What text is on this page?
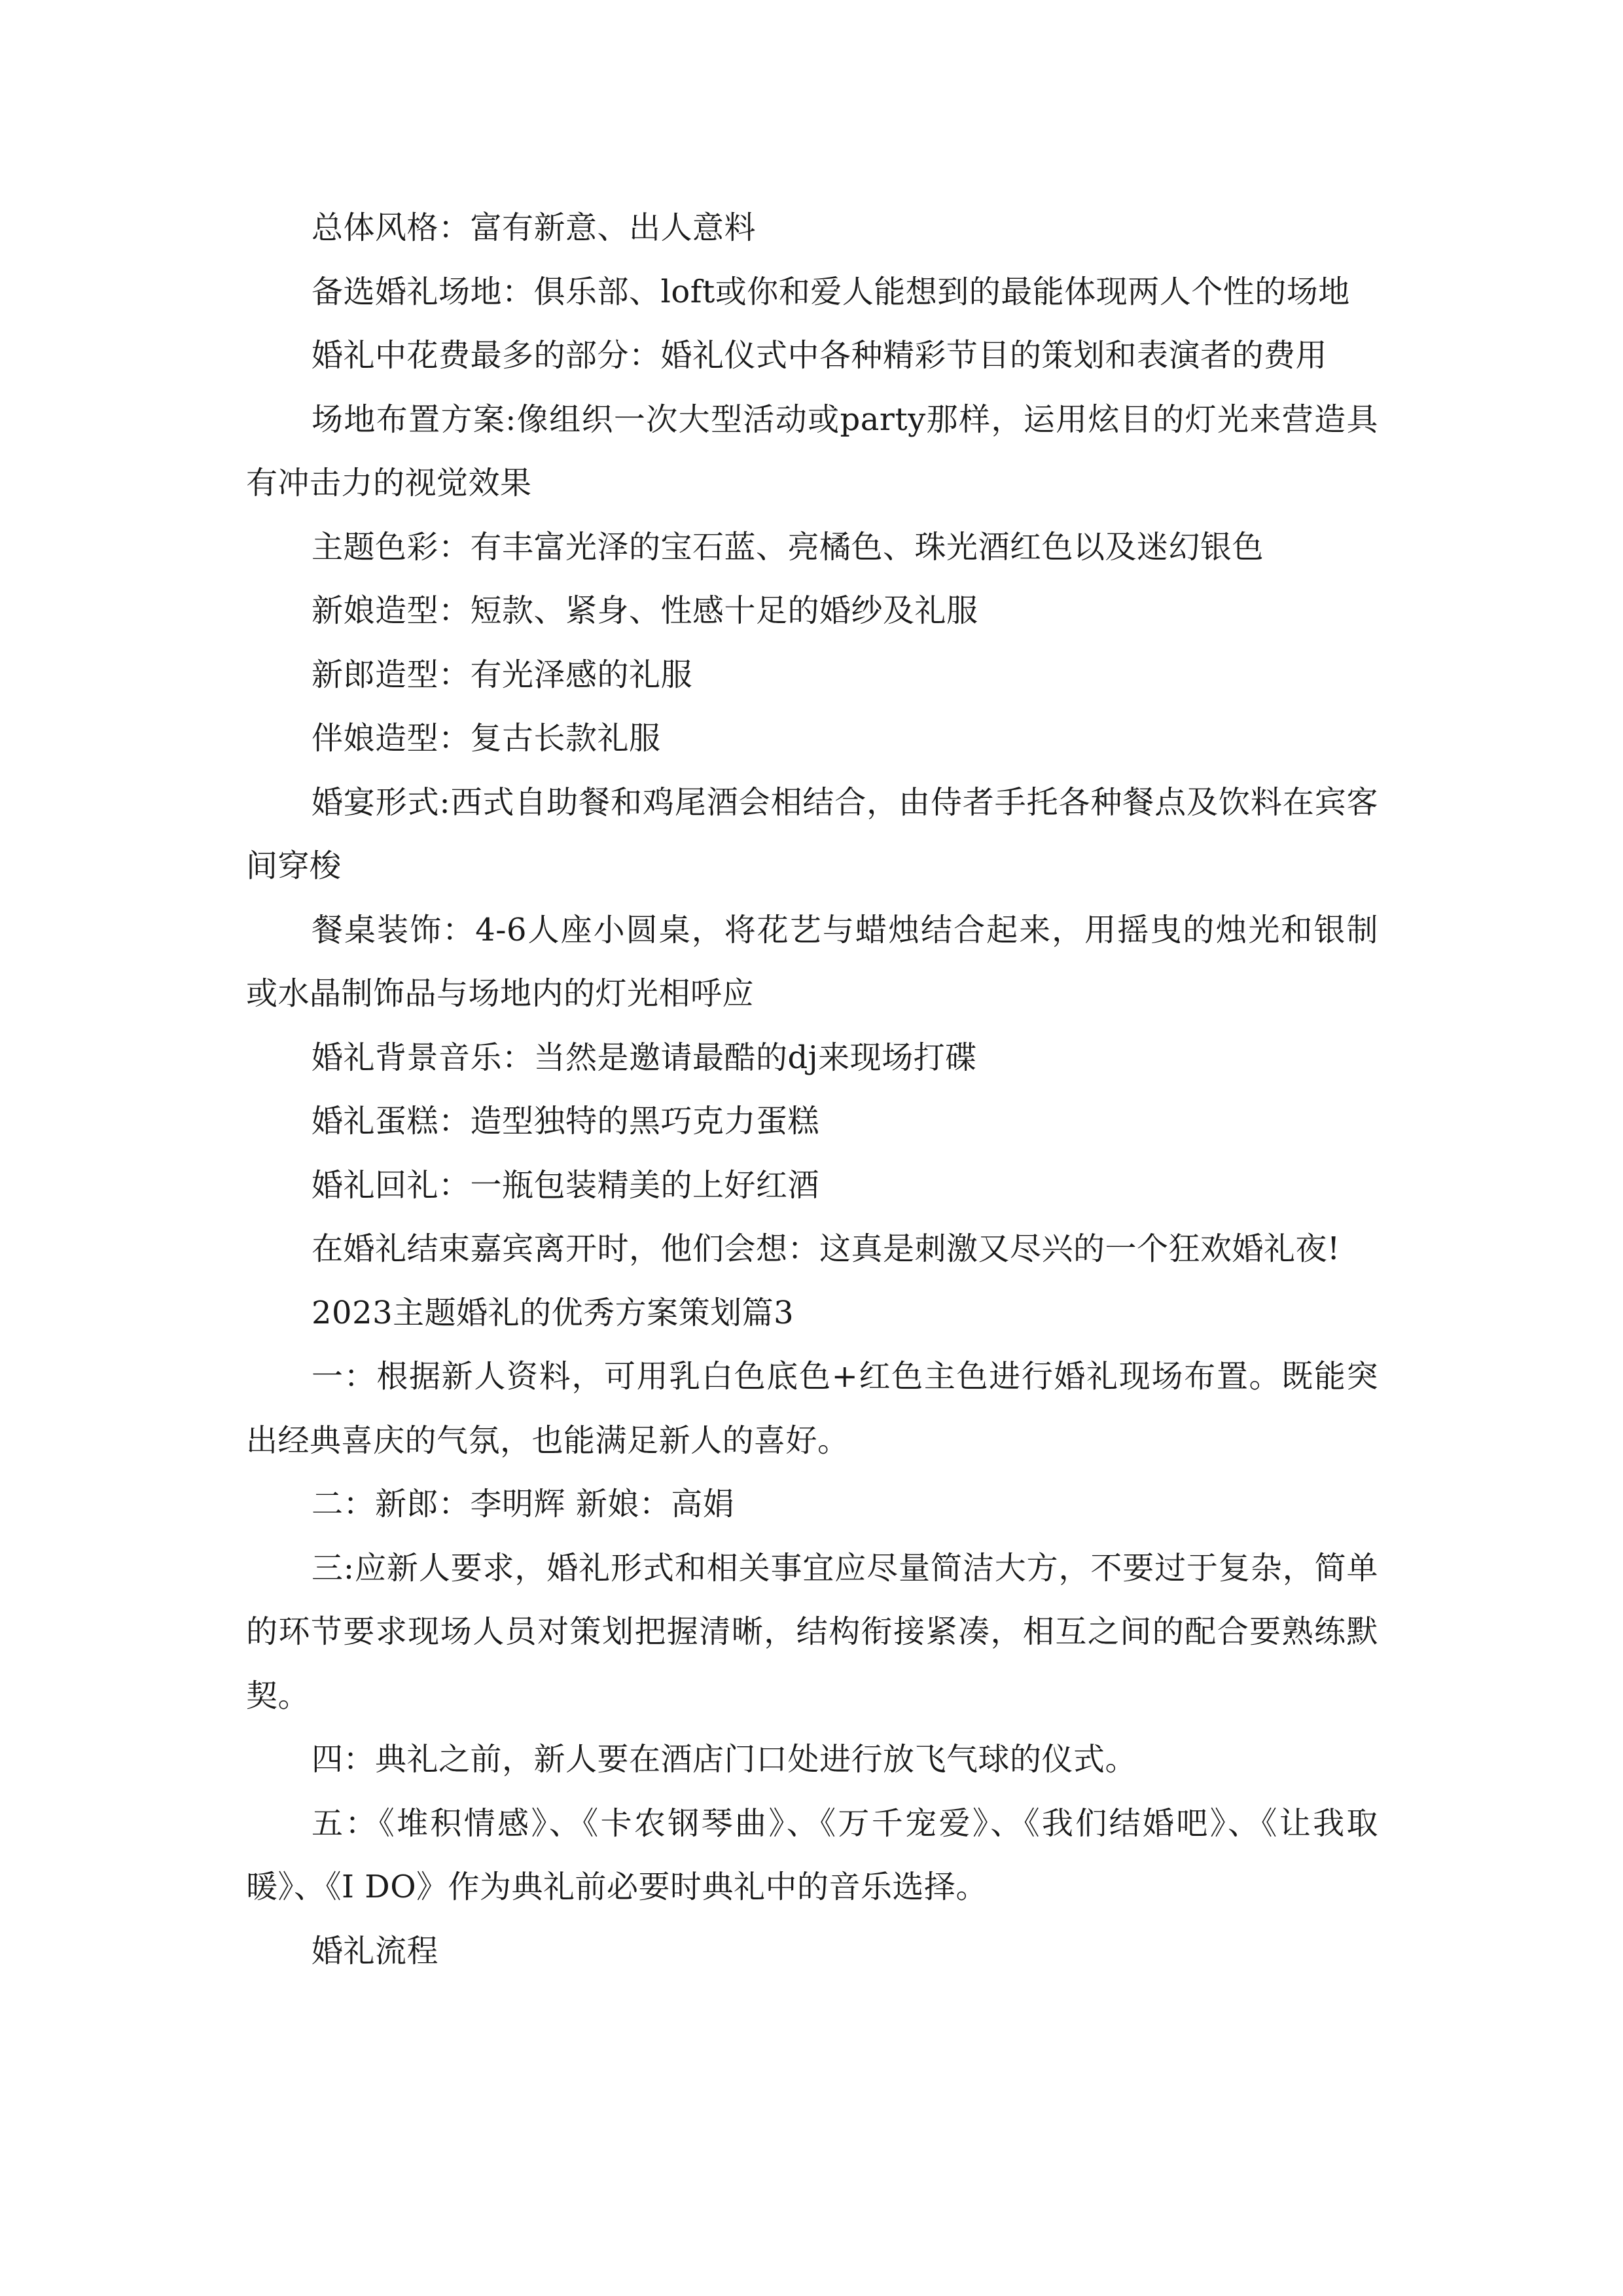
总体风格：富有新意、出人意料

备选婚礼场地：俱乐部、loft或你和爱人能想到的最能体现两人个性的场地

婚礼中花费最多的部分：婚礼仪式中各种精彩节目的策划和表演者的费用

场地布置方案:像组织一次大型活动或party那样，运用炫目的灯光来营造具有冲击力的视觉效果

主题色彩：有丰富光泽的宝石蓝、亮橘色、珠光酒红色以及迷幻银色

新娘造型：短款、紧身、性感十足的婚纱及礼服

新郎造型：有光泽感的礼服

伴娘造型：复古长款礼服

婚宴形式:西式自助餐和鸡尾酒会相结合，由侍者手托各种餐点及饮料在宾客间穿梭

餐桌装饰：4-6人座小圆桌，将花艺与蜡烛结合起来，用摇曳的烛光和银制或水晶制饰品与场地内的灯光相呼应

婚礼背景音乐：当然是邀请最酷的dj来现场打碟

婚礼蛋糕：造型独特的黑巧克力蛋糕

婚礼回礼：一瓶包装精美的上好红酒

在婚礼结束嘉宾离开时，他们会想：这真是刺激又尽兴的一个狂欢婚礼夜!

2023主题婚礼的优秀方案策划篇3

一：根据新人资料，可用乳白色底色+红色主色进行婚礼现场布置。既能突出经典喜庆的气氛，也能满足新人的喜好。

二：新郎：李明辉 新娘：高娟

三:应新人要求，婚礼形式和相关事宜应尽量简洁大方，不要过于复杂，简单的环节要求现场人员对策划把握清晰，结构衔接紧凑，相互之间的配合要熟练默契。

四：典礼之前，新人要在酒店门口处进行放飞气球的仪式。

五：《堆积情感》、《卡农钢琴曲》、《万千宠爱》、《我们结婚吧》、《让我取暖》、《I DO》作为典礼前必要时典礼中的音乐选择。

婚礼流程
